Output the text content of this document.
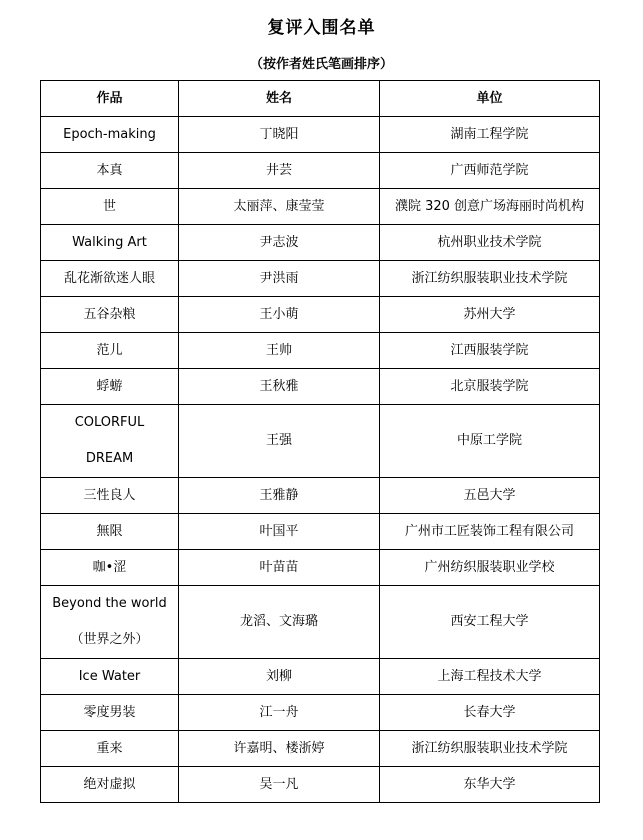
复评入围名单
（按作者姓氏笔画排序）
作品	姓名	单位
Epoch-making	丁晓阳	湖南工程学院
本真	井芸	广西师范学院
世	太丽萍、康莹莹	濮院 320 创意广场海丽时尚机构
Walking Art	尹志波	杭州职业技术学院
乱花渐欲迷人眼	尹洪雨	浙江纺织服装职业技术学院
五谷杂粮	王小萌	苏州大学
范儿	王帅	江西服装学院
蜉蝣	王秋雅	北京服装学院

COLORFUL
DREAM	王强	中原工学院
三性良人	王雅静	五邑大学
無限	叶国平	广州市工匠装饰工程有限公司
咖•涩	叶苗苗	广州纺织服装职业学校

Beyond the world
（世界之外）	龙滔、文海璐	西安工程大学
Ice Water	刘柳	上海工程技术大学
零度男装	江一舟	长春大学
重来	许嘉明、楼浙婷	浙江纺织服装职业技术学院
绝对虚拟	吴一凡	东华大学
